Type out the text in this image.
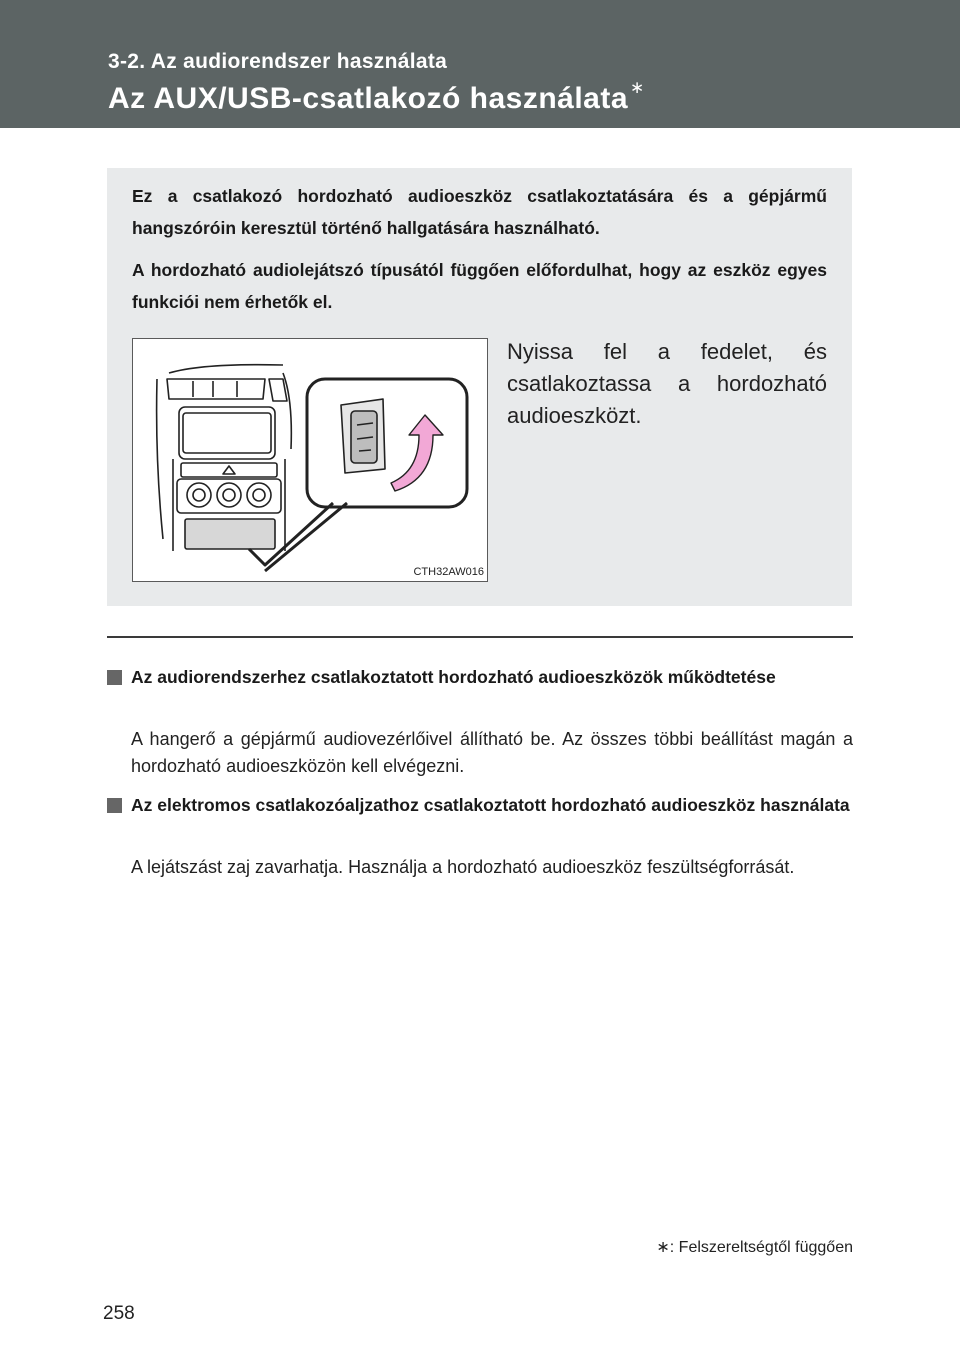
3-2. Az audiorendszer használata
Az AUX/USB-csatlakozó használata ∗
Ez a csatlakozó hordozható audioeszköz csatlakoztatására és a gépjármű hangszóróin keresztül történő hallgatására használható.
A hordozható audiolejátszó típusától függően előfordulhat, hogy az eszköz egyes funkciói nem érhetők el.
CTH32AW016
Nyissa fel a fedelet, és csatlakoztassa a hordozható audioeszközt.
Az audiorendszerhez csatlakoztatott hordozható audioeszközök működtetése
A hangerő a gépjármű audiovezérlőivel állítható be. Az összes többi beállítást magán a hordozható audioeszközön kell elvégezni.
Az elektromos csatlakozóaljzathoz csatlakoztatott hordozható audioeszköz használata
A lejátszást zaj zavarhatja. Használja a hordozható audioeszköz feszültségforrását.
∗: Felszereltségtől függően
258
